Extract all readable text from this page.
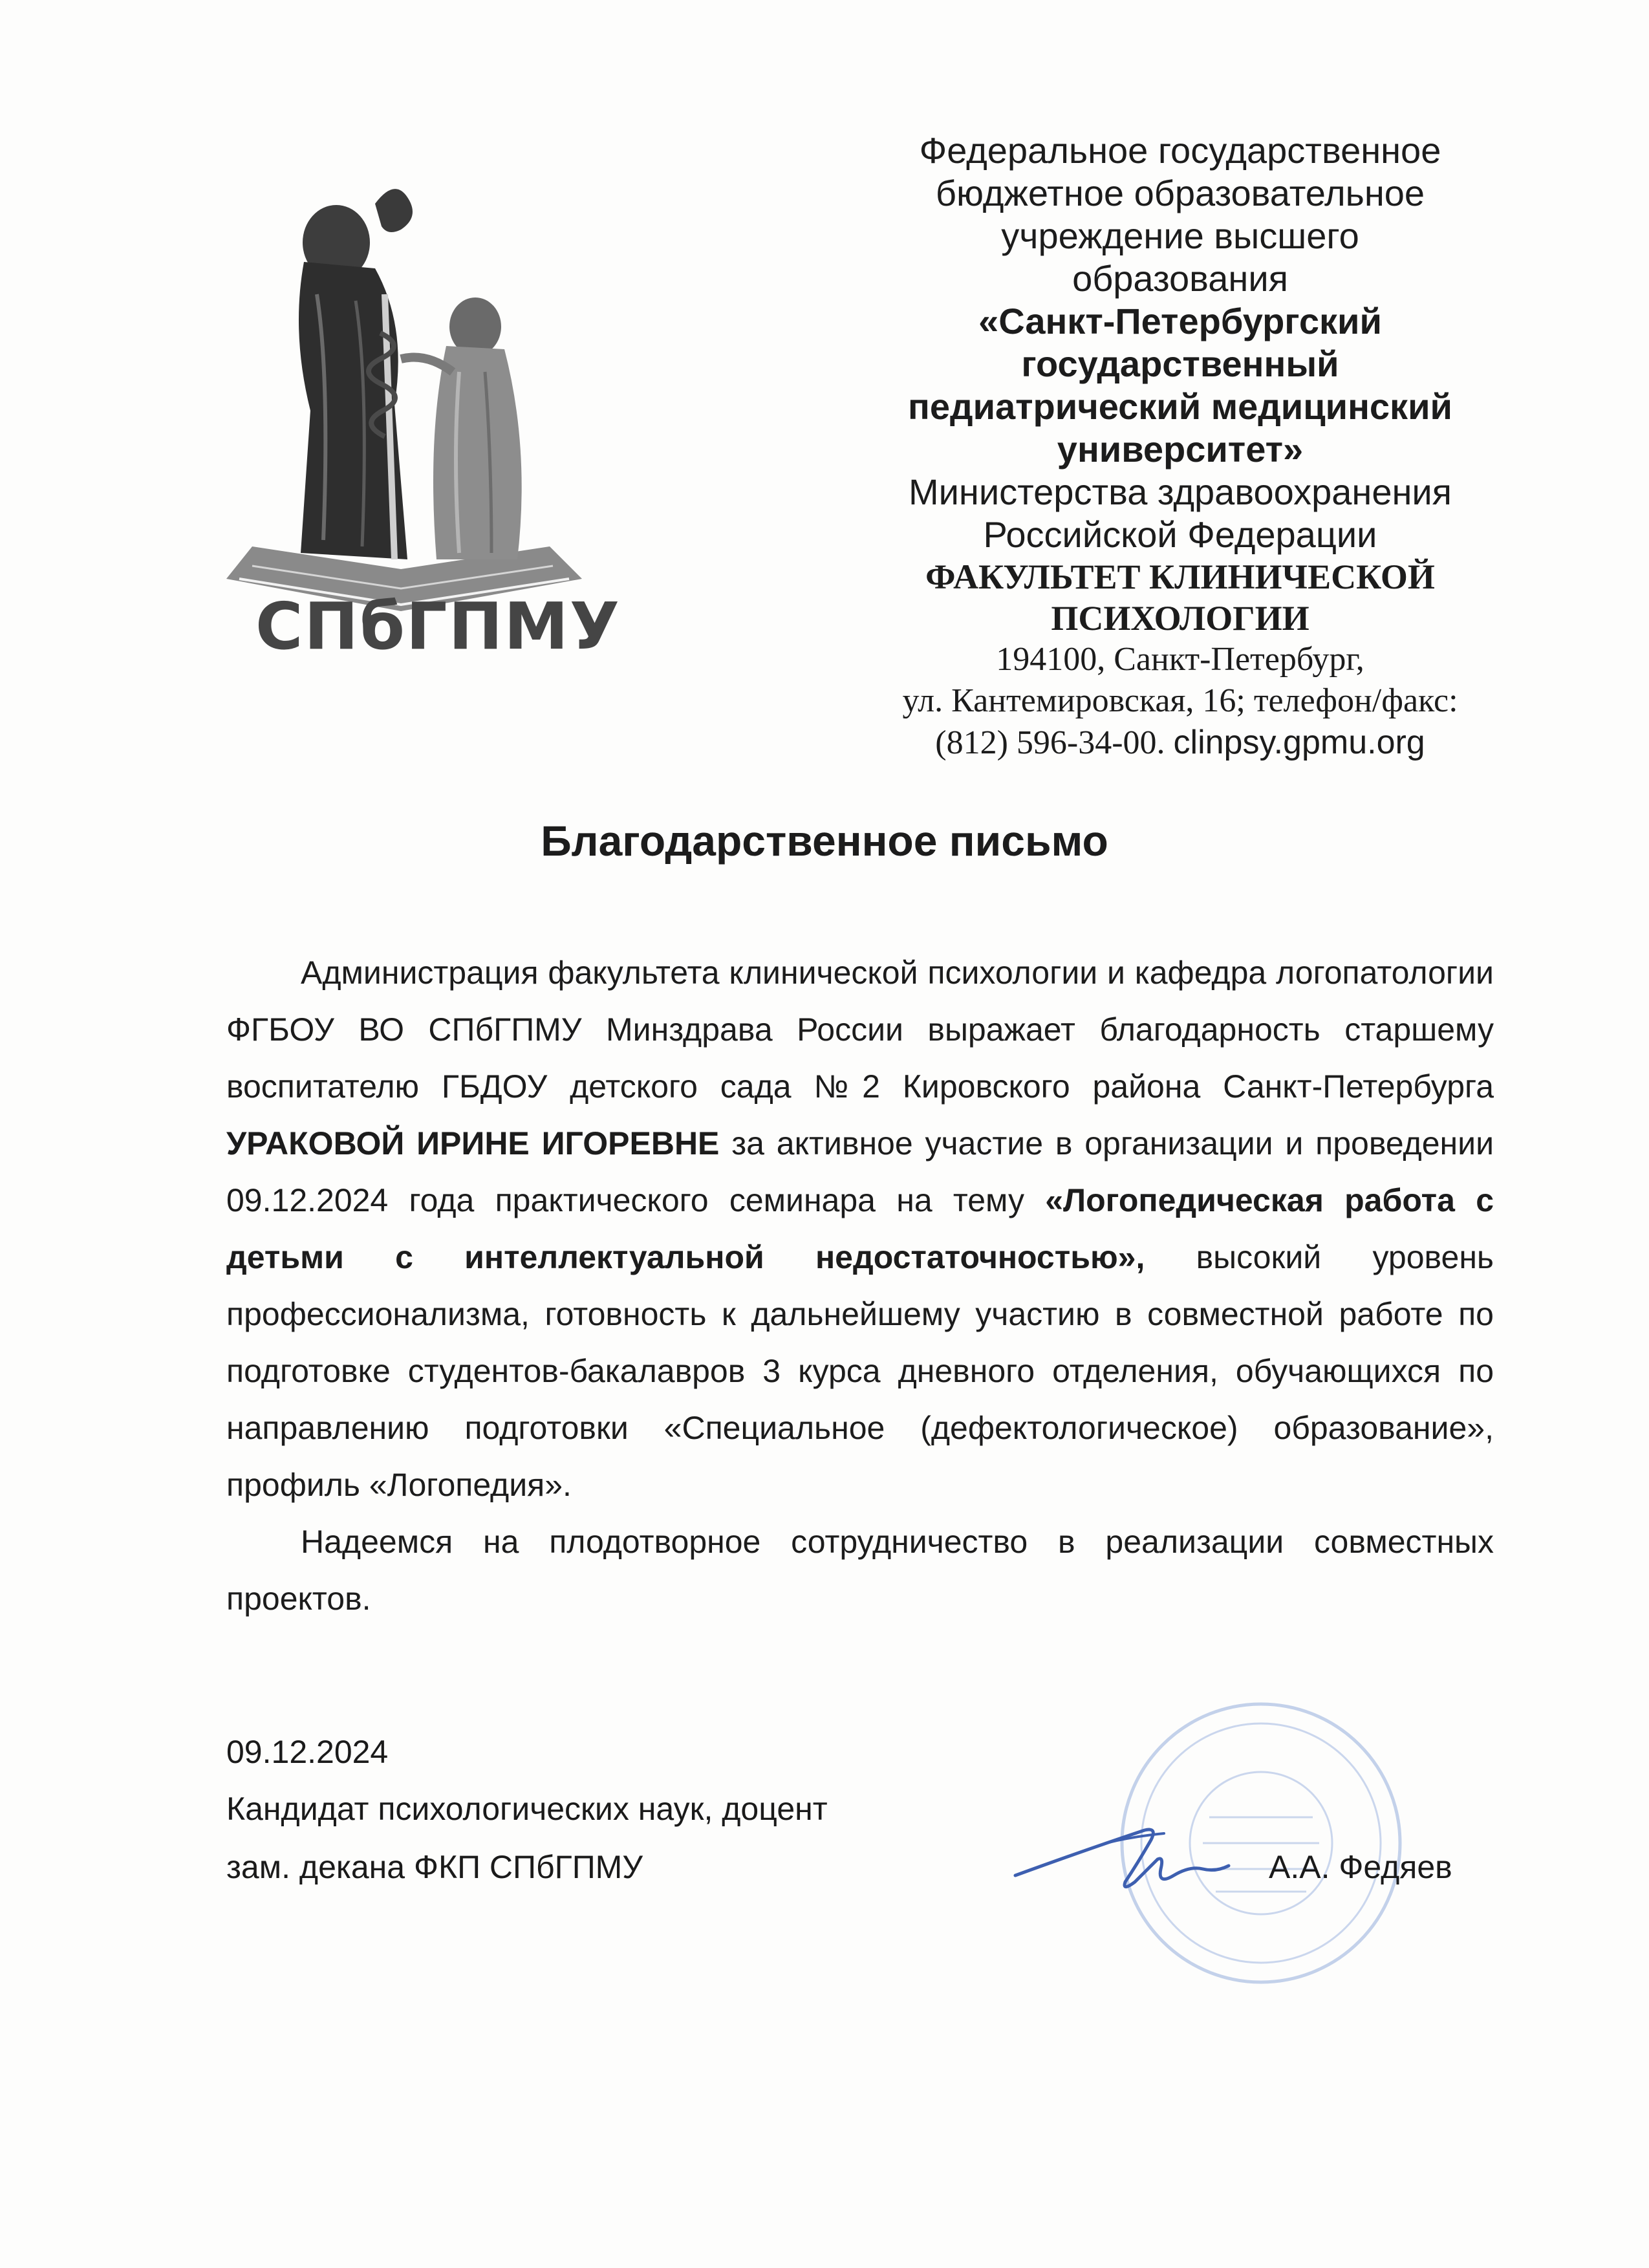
СПбГПМУ
Федеральное государственное
бюджетное образовательное
учреждение высшего
образования
«Санкт-Петербургский
государственный
педиатрический медицинский
университет»
Министерства здравоохранения
Российской Федерации
ФАКУЛЬТЕТ КЛИНИЧЕСКОЙ
ПСИХОЛОГИИ
194100, Санкт-Петербург,
ул. Кантемировская, 16; телефон/факс:
(812) 596-34-00. clinpsy.gpmu.org
Благодарственное письмо

Администрация факультета клинической психологии и кафедра логопатологии ФГБОУ ВО СПбГПМУ Минздрава России выражает благодарность старшему воспитателю ГБДОУ детского сада №2 Кировского района Санкт-Петербурга УРАКОВОЙ ИРИНЕ ИГОРЕВНЕ за активное участие в организации и проведении 09.12.2024 года практического семинара на тему «Логопедическая работа с детьми с интеллектуальной недостаточностью», высокий уровень профессионализма, готовность к дальнейшему участию в совместной работе по подготовке студентов-бакалавров 3 курса дневного отделения, обучающихся по направлению подготовки «Специальное (дефектологическое) образование», профиль «Логопедия».

Надеемся на плодотворное сотрудничество в реализации совместных проектов.

09.12.2024
Кандидат психологических наук, доцент
зам. декана ФКП СПбГПМУ	А.А. Федяев
